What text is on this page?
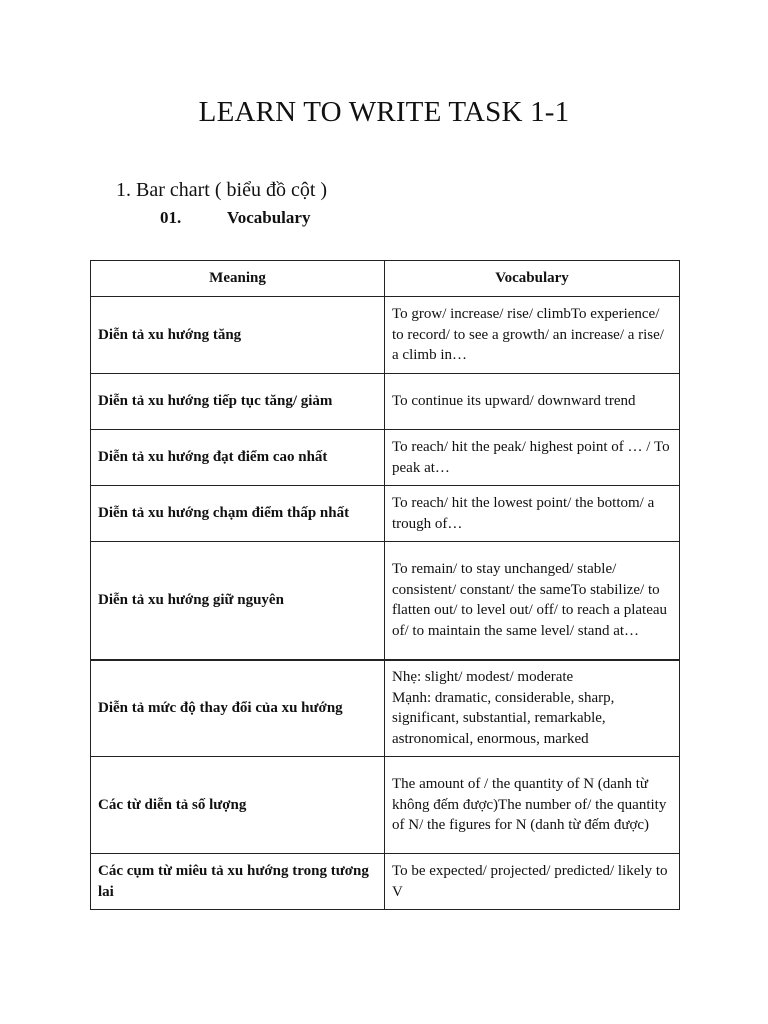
LEARN TO WRITE TASK 1-1
1. Bar chart ( biểu đồ cột )
01.	Vocabulary
Meaning	Vocabulary
Diễn tả xu hướng tăng	To grow/ increase/ rise/ climbTo experience/ to record/ to see a growth/ an increase/ a rise/ a climb in…
Diễn tả xu hướng tiếp tục tăng/ giảm	To continue its upward/ downward trend
Diễn tả xu hướng đạt điểm cao nhất	To reach/ hit the peak/ highest point of … / To peak at…
Diễn tả xu hướng chạm điểm thấp nhất	To reach/ hit the lowest point/ the bottom/ a trough of…
Diễn tả xu hướng giữ nguyên	To remain/ to stay unchanged/ stable/ consistent/ constant/ the sameTo stabilize/ to flatten out/ to level out/ off/ to reach a plateau of/ to maintain the same level/ stand at…
Diễn tả mức độ thay đổi của xu hướng	Nhẹ: slight/ modest/ moderate
Mạnh: dramatic, considerable, sharp, significant, substantial, remarkable, astronomical, enormous, marked

Các từ diễn tả số lượng	The amount of / the quantity of N (danh từ không đếm được)The number of/ the quantity of N/ the figures for N (danh từ đếm được)
Các cụm từ miêu tả xu hướng trong tương lai	To be expected/ projected/ predicted/ likely to V
